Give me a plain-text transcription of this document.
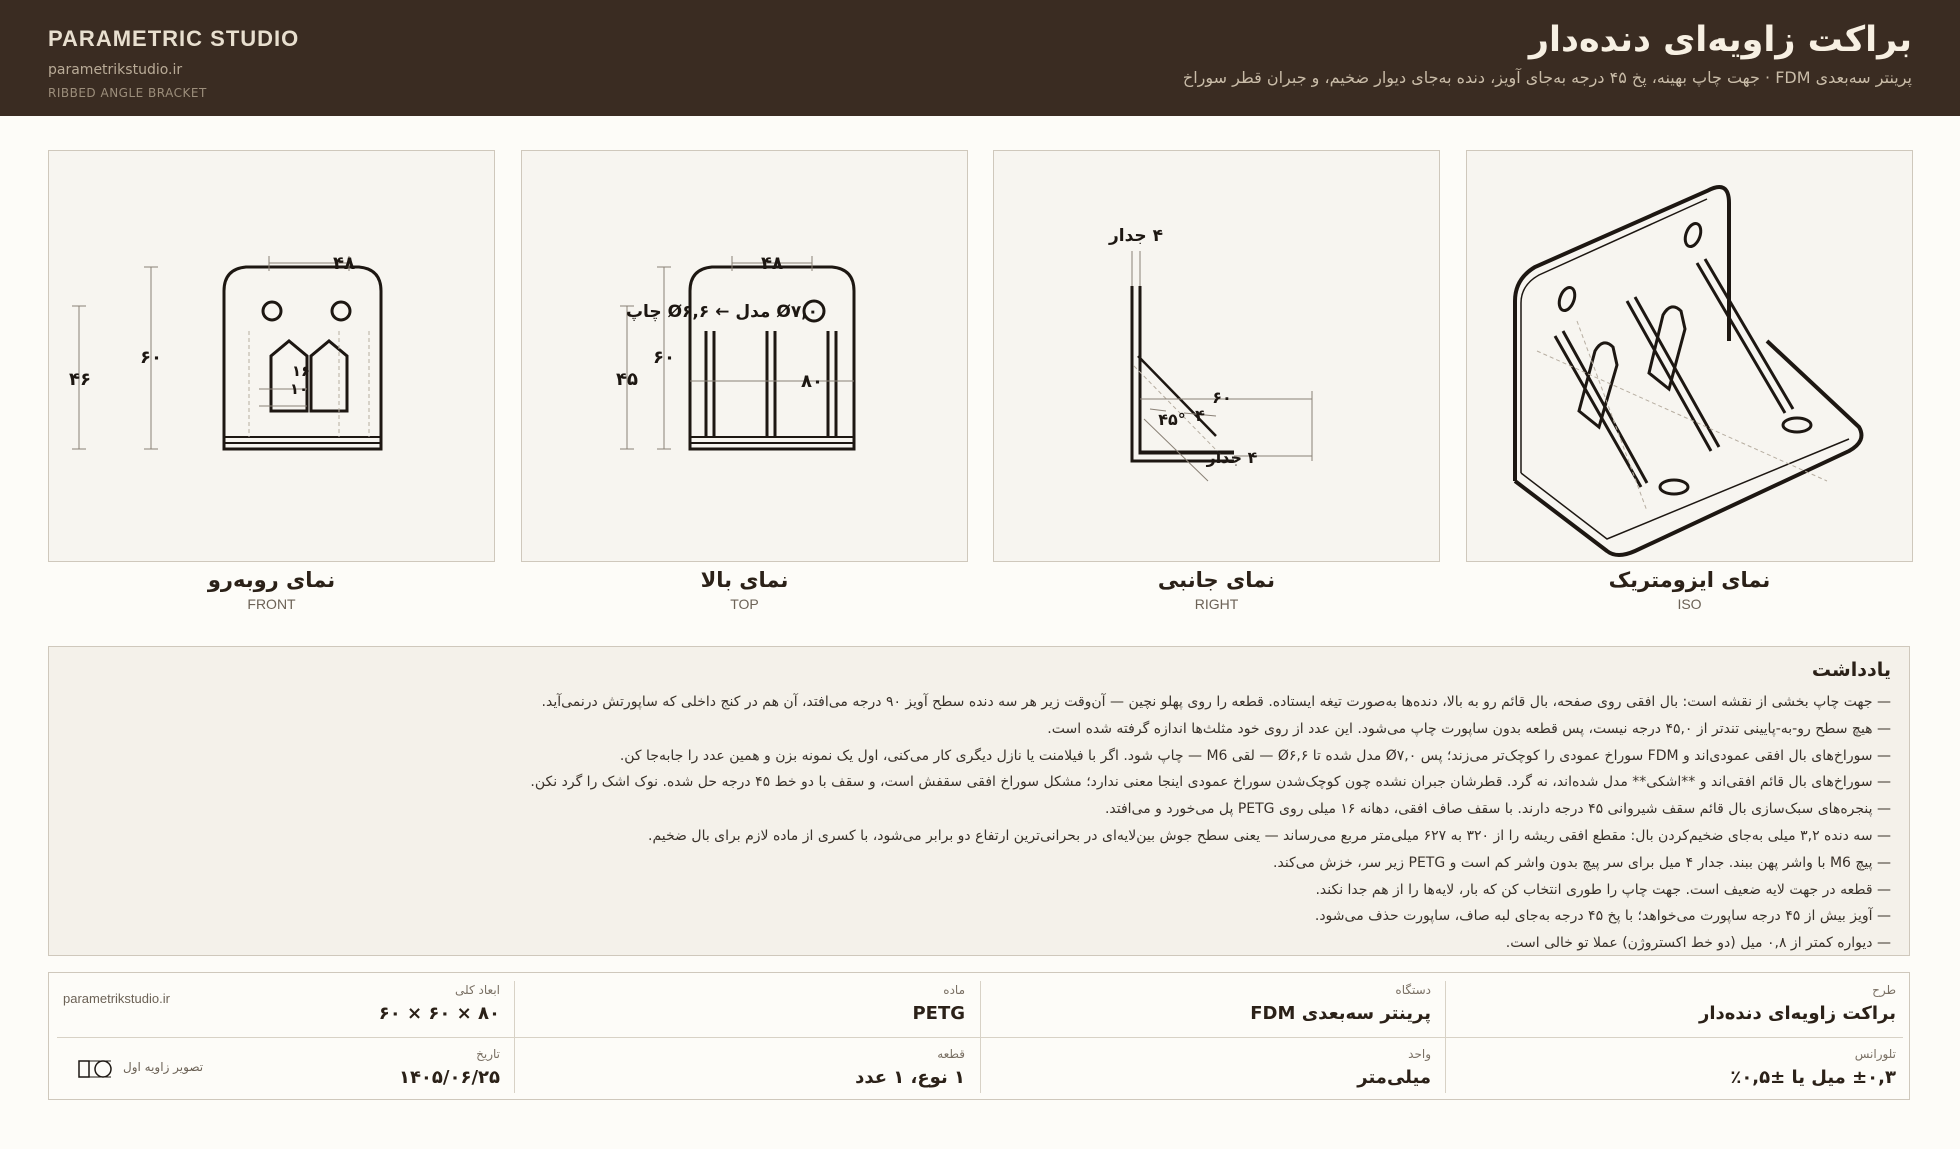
PARAMETRIC STUDIO
parametrikstudio.ir
RIBBED ANGLE BRACKET
براکت زاویه‌ای دنده‌دار
پرینتر سه‌بعدی FDM · جهت چاپ بهینه، پخ ۴۵ درجه به‌جای آویز، دنده به‌جای دیوار ضخیم، و جبران قطر سوراخ
نمای ایزومتریک
ISO
۴ جدار
۶۰
۴
۴۵°
۴ جدار
نمای جانبی
RIGHT
۴۸
۴۵
۶۰
۸۰
Ø۷,۰ مدل ← Ø۶,۶ چاپ
نمای بالا
TOP
۴۸
۴۶
۶۰
۱۶
۱۰
نمای روبه‌رو
FRONT
یادداشت
— جهت چاپ بخشی از نقشه است: بال افقی روی صفحه، بال قائم رو به بالا، دنده‌ها به‌صورت تیغه ایستاده. قطعه را روی پهلو نچین — آن‌وقت زیر هر سه دنده سطح آویز ۹۰ درجه می‌افتد، آن هم در کنج داخلی که ساپورتش درنمی‌آید.
— هیچ سطح رو-به-پایینی تندتر از ۴۵,۰ درجه نیست، پس قطعه بدون ساپورت چاپ می‌شود. این عدد از روی خود مثلث‌ها اندازه گرفته شده است.
— سوراخ‌های بال افقی عمودی‌اند و FDM سوراخ عمودی را کوچک‌تر می‌زند؛ پس Ø۷,۰ مدل شده تا Ø۶,۶ — لقی M6 — چاپ شود. اگر با فیلامنت یا نازل دیگری کار می‌کنی، اول یک نمونه بزن و همین عدد را جابه‌جا کن.
— سوراخ‌های بال قائم افقی‌اند و **اشکی** مدل شده‌اند، نه گرد. قطرشان جبران نشده چون کوچک‌شدن سوراخ عمودی اینجا معنی ندارد؛ مشکل سوراخ افقی سقفش است، و سقف با دو خط ۴۵ درجه حل شده. نوک اشک را گرد نکن.
— پنجره‌های سبک‌سازی بال قائم سقف شیروانی ۴۵ درجه دارند. با سقف صاف افقی، دهانه ۱۶ میلی روی PETG پل می‌خورد و می‌افتد.
— سه دنده ۳,۲ میلی به‌جای ضخیم‌کردن بال: مقطع افقی ریشه را از ۳۲۰ به ۶۲۷ میلی‌متر مربع می‌رساند — یعنی سطح جوش بین‌لایه‌ای در بحرانی‌ترین ارتفاع دو برابر می‌شود، با کسری از ماده لازم برای بال ضخیم.
— پیچ M6 با واشر پهن ببند. جدار ۴ میل برای سر پیچ بدون واشر کم است و PETG زیر سر، خزش می‌کند.
— قطعه در جهت لایه ضعیف است. جهت چاپ را طوری انتخاب کن که بار، لایه‌ها را از هم جدا نکند.
— آویز بیش از ۴۵ درجه ساپورت می‌خواهد؛ با پخ ۴۵ درجه به‌جای لبه صاف، ساپورت حذف می‌شود.
— دیواره کمتر از ۰,۸ میل (دو خط اکستروژن) عملا تو خالی است.
طرح
براکت زاویه‌ای دنده‌دار
دستگاه
پرینتر سه‌بعدی FDM
ماده
PETG
ابعاد کلی
۸۰ × ۶۰ × ۶۰
تلورانس
±۰,۳ میل یا ±۰,۵٪
واحد
میلی‌متر
قطعه
۱ نوع، ۱ عدد
تاریخ
۱۴۰۵/۰۶/۲۵
parametrikstudio.ir
تصویر زاویه اول
